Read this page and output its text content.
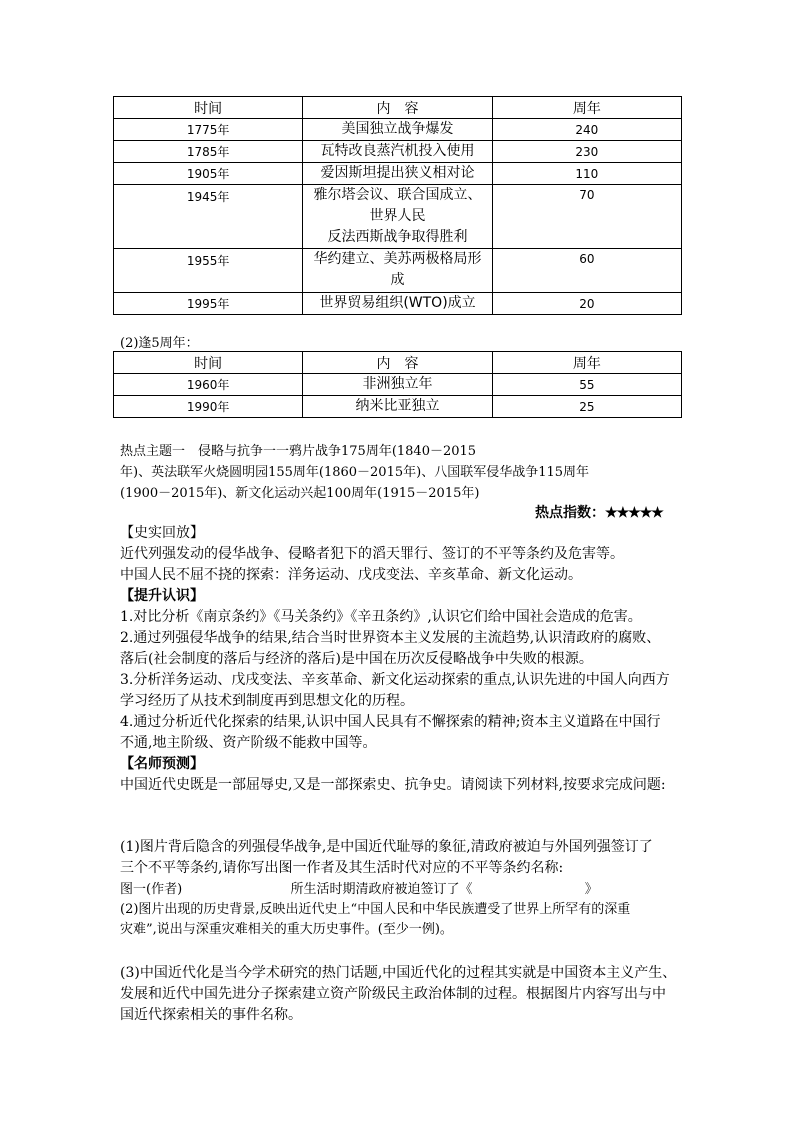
时间	内　容	周年
1775年	美国独立战争爆发	240
1785年	瓦特改良蒸汽机投入使用	230
1905年	爱因斯坦提出狭义相对论	110
1945年	雅尔塔会议、联合国成立、
世界人民
反法西斯战争取得胜利	70
1955年	华约建立、美苏两极格局形
成	60
1995年	世界贸易组织(WTO)成立	20
(2)逢5周年：
时间	内　容	周年
1960年	非洲独立年	55
1990年	纳米比亚独立	25
热点主题一　侵略与抗争一一鸦片战争175周年(1840－2015
年)、英法联军火烧圆明园155周年(1860－2015年)、八国联军侵华战争115周年
(1900－2015年)、新文化运动兴起100周年(1915－2015年)
热点指数：★★★★★
【史实回放】
近代列强发动的侵华战争、侵略者犯下的滔天罪行、签订的不平等条约及危害等。
中国人民不屈不挠的探索：洋务运动、戊戌变法、辛亥革命、新文化运动。
【提升认识】
1.对比分析《南京条约》《马关条约》《辛丑条约》,认识它们给中国社会造成的危害。
2.通过列强侵华战争的结果,结合当时世界资本主义发展的主流趋势,认识清政府的腐败、
落后(社会制度的落后与经济的落后)是中国在历次反侵略战争中失败的根源。
3.分析洋务运动、戊戌变法、辛亥革命、新文化运动探索的重点,认识先进的中国人向西方
学习经历了从技术到制度再到思想文化的历程。
4.通过分析近代化探索的结果,认识中国人民具有不懈探索的精神;资本主义道路在中国行
不通,地主阶级、资产阶级不能救中国等。
【名师预测】
中国近代史既是一部屈辱史,又是一部探索史、抗争史。请阅读下列材料,按要求完成问题:
(1)图片背后隐含的列强侵华战争,是中国近代耻辱的象征,清政府被迫与外国列强签订了
三个不平等条约,请你写出图一作者及其生活时代对应的不平等条约名称:
图一(作者)	所生活时期清政府被迫签订了《	》
(2)图片出现的历史背景,反映出近代史上“中国人民和中华民族遭受了世界上所罕有的深重
灾难”,说出与深重灾难相关的重大历史事件。(至少一例)。
(3)中国近代化是当今学术研究的热门话题,中国近代化的过程其实就是中国资本主义产生、
发展和近代中国先进分子探索建立资产阶级民主政治体制的过程。根据图片内容写出与中
国近代探索相关的事件名称。
